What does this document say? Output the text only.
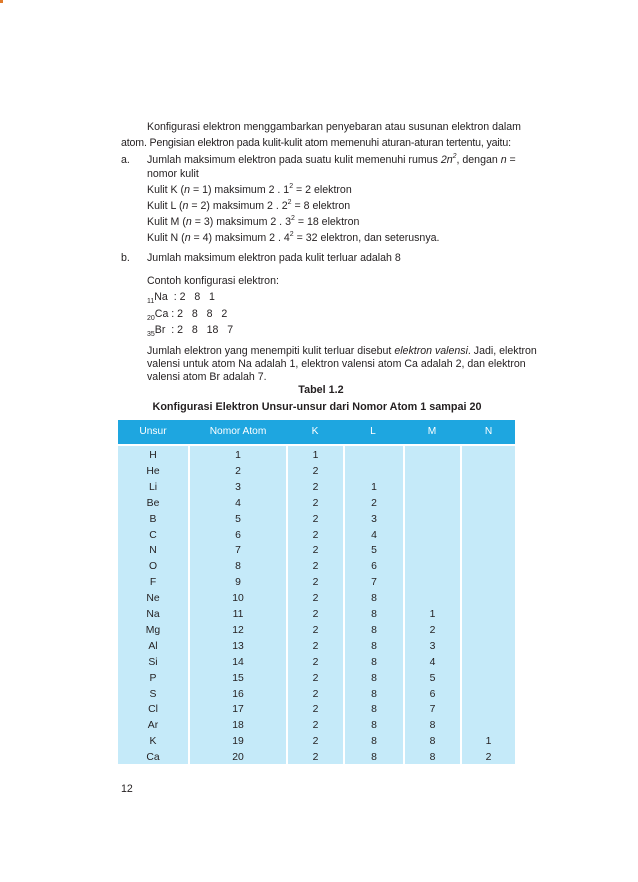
Konfigurasi elektron menggambarkan penyebaran atau susunan elektron dalam
atom. Pengisian elektron pada kulit-kulit atom memenuhi aturan-aturan tertentu, yaitu:
a. Jumlah maksimum elektron pada suatu kulit memenuhi rumus $2n^2$, dengan n =
nomor kulit
Kulit K (n = 1) maksimum 2 . $1^2 = 2$ elektron
Kulit L (n = 2) maksimum 2 . $2^2 = 8$ elektron
Kulit M (n = 3) maksimum 2 . $3^2 = 18$ elektron
Kulit N (n = 4) maksimum 2 . $4^2 = 32$ elektron, dan seterusnya.
b. Jumlah maksimum elektron pada kulit terluar adalah 8
Contoh konfigurasi elektron:
$_{11}$Na  : 2   8   1
$_{20}$Ca : 2   8   8   2
$_{35}$Br  : 2   8   18   7
Jumlah elektron yang menempiti kulit terluar disebut elektron valensi. Jadi, elektron
valensi untuk atom Na adalah 1, elektron valensi atom Ca adalah 2, dan elektron
valensi atom Br adalah 7.
Tabel 1.2
Konfigurasi Elektron Unsur-unsur dari Nomor Atom 1 sampai 20
Unsur	Nomor Atom	K	L	M	N
H	1	1
He	2	2
Li	3	2	1
Be	4	2	2
B	5	2	3
C	6	2	4
N	7	2	5
O	8	2	6
F	9	2	7
Ne	10	2	8
Na	11	2	8	1
Mg	12	2	8	2
Al	13	2	8	3
Si	14	2	8	4
P	15	2	8	5
S	16	2	8	6
Cl	17	2	8	7
Ar	18	2	8	8
K	19	2	8	8	1
Ca	20	2	8	8	2
12
